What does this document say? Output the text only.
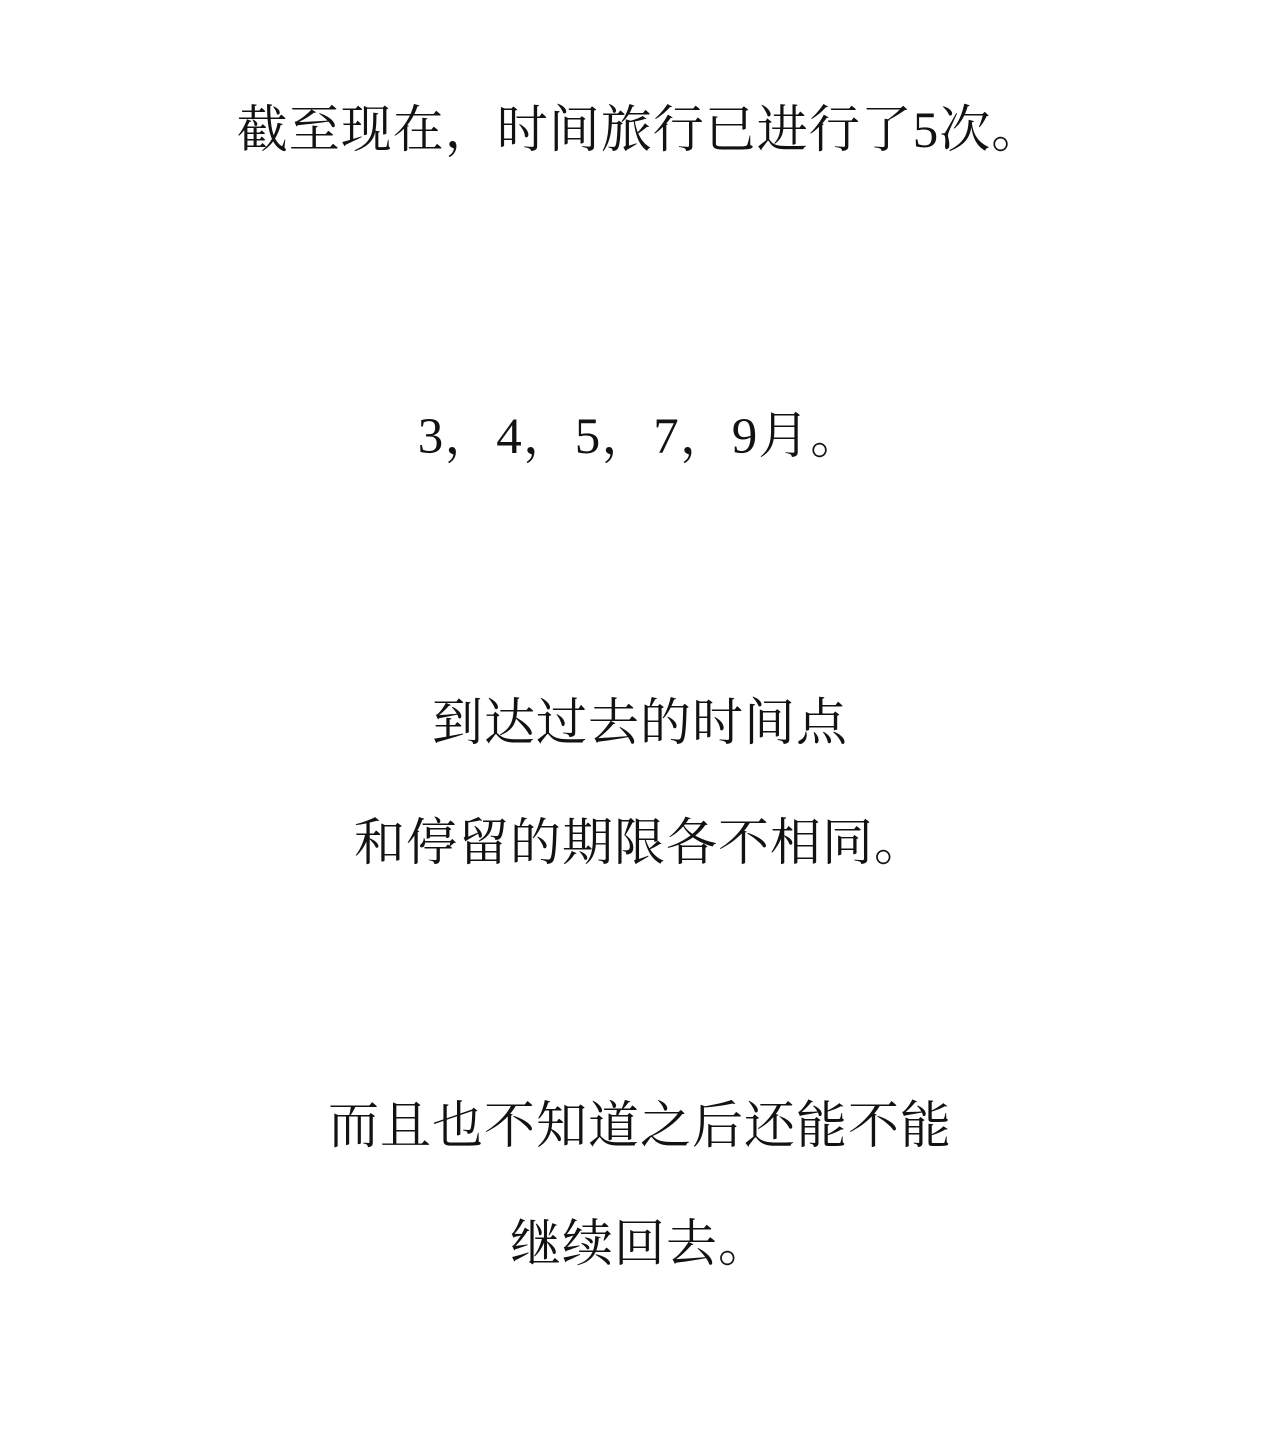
截至现在，时间旅行已进行了5次。
3，4，5，7，9月。
到达过去的时间点
和停留的期限各不相同。
而且也不知道之后还能不能
继续回去。
